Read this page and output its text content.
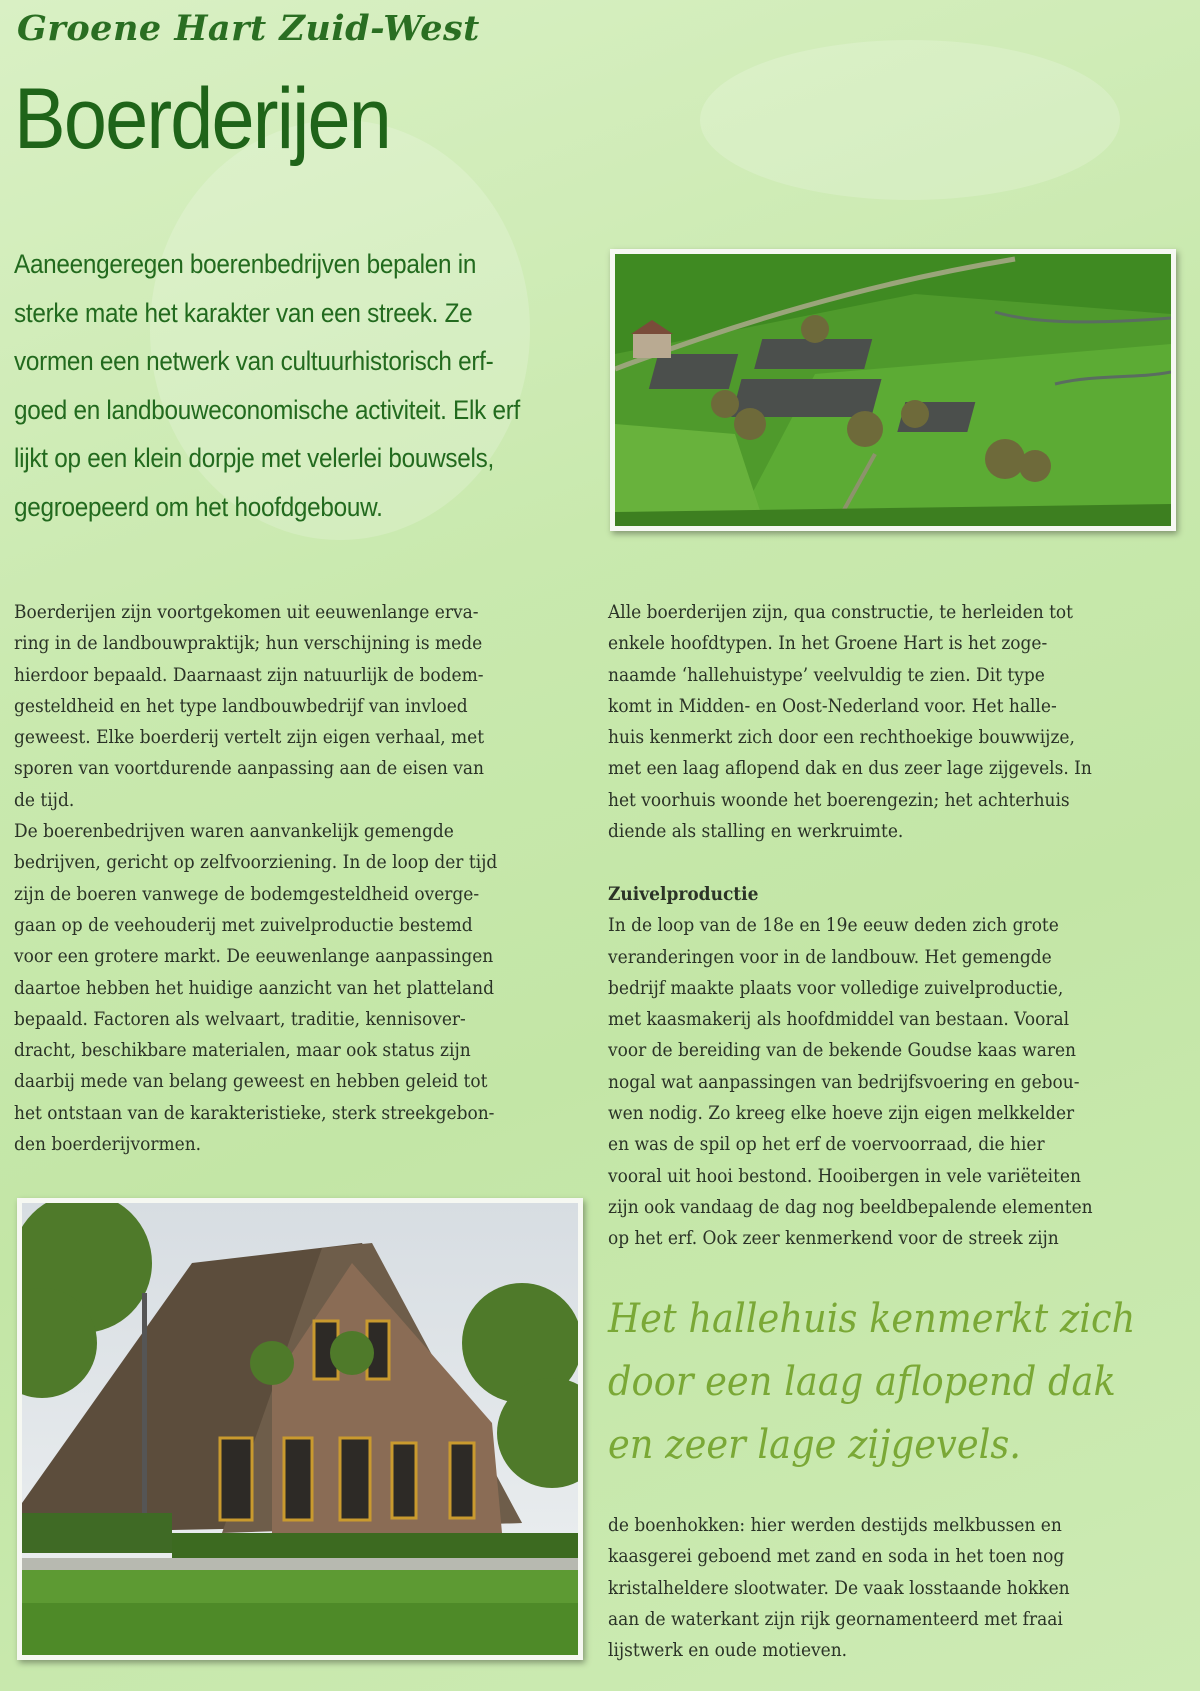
Groene Hart Zuid-West
Boerderijen
Aaneengeregen boerenbedrijven bepalen in
sterke mate het karakter van een streek. Ze
vormen een netwerk van cultuurhistorisch erf-
goed en landbouweconomische activiteit. Elk erf
lijkt op een klein dorpje met velerlei bouwsels,
gegroepeerd om het hoofdgebouw.
Boerderijen zijn voortgekomen uit eeuwenlange erva-
ring in de landbouwpraktijk; hun verschijning is mede
hierdoor bepaald. Daarnaast zijn natuurlijk de bodem-
gesteldheid en het type landbouwbedrijf van invloed
geweest. Elke boerderij vertelt zijn eigen verhaal, met
sporen van voortdurende aanpassing aan de eisen van
de tijd.
De boerenbedrijven waren aanvankelijk gemengde
bedrijven, gericht op zelfvoorziening. In de loop der tijd
zijn de boeren vanwege de bodemgesteldheid overge-
gaan op de veehouderij met zuivelproductie bestemd
voor een grotere markt. De eeuwenlange aanpassingen
daartoe hebben het huidige aanzicht van het platteland
bepaald. Factoren als welvaart, traditie, kennisover-
dracht, beschikbare materialen, maar ook status zijn
daarbij mede van belang geweest en hebben geleid tot
het ontstaan van de karakteristieke, sterk streekgebon-
den boerderijvormen.
Alle boerderijen zijn, qua constructie, te herleiden tot
enkele hoofdtypen. In het Groene Hart is het zoge-
naamde ‘hallehuistype’ veelvuldig te zien. Dit type
komt in Midden- en Oost-Nederland voor. Het halle-
huis kenmerkt zich door een rechthoekige bouwwijze,
met een laag aflopend dak en dus zeer lage zijgevels. In
het voorhuis woonde het boerengezin; het achterhuis
diende als stalling en werkruimte.
Zuivelproductie
In de loop van de 18e en 19e eeuw deden zich grote
veranderingen voor in de landbouw. Het gemengde
bedrijf maakte plaats voor volledige zuivelproductie,
met kaasmakerij als hoofdmiddel van bestaan. Vooral
voor de bereiding van de bekende Goudse kaas waren
nogal wat aanpassingen van bedrijfsvoering en gebou-
wen nodig. Zo kreeg elke hoeve zijn eigen melkkelder
en was de spil op het erf de voervoorraad, die hier
vooral uit hooi bestond. Hooibergen in vele variëteiten
zijn ook vandaag de dag nog beeldbepalende elementen
op het erf. Ook zeer kenmerkend voor de streek zijn
Het hallehuis kenmerkt zich
door een laag aflopend dak
en zeer lage zijgevels.
de boenhokken: hier werden destijds melkbussen en
kaasgerei geboend met zand en soda in het toen nog
kristalheldere slootwater. De vaak losstaande hokken
aan de waterkant zijn rijk geornamenteerd met fraai
lijstwerk en oude motieven.
